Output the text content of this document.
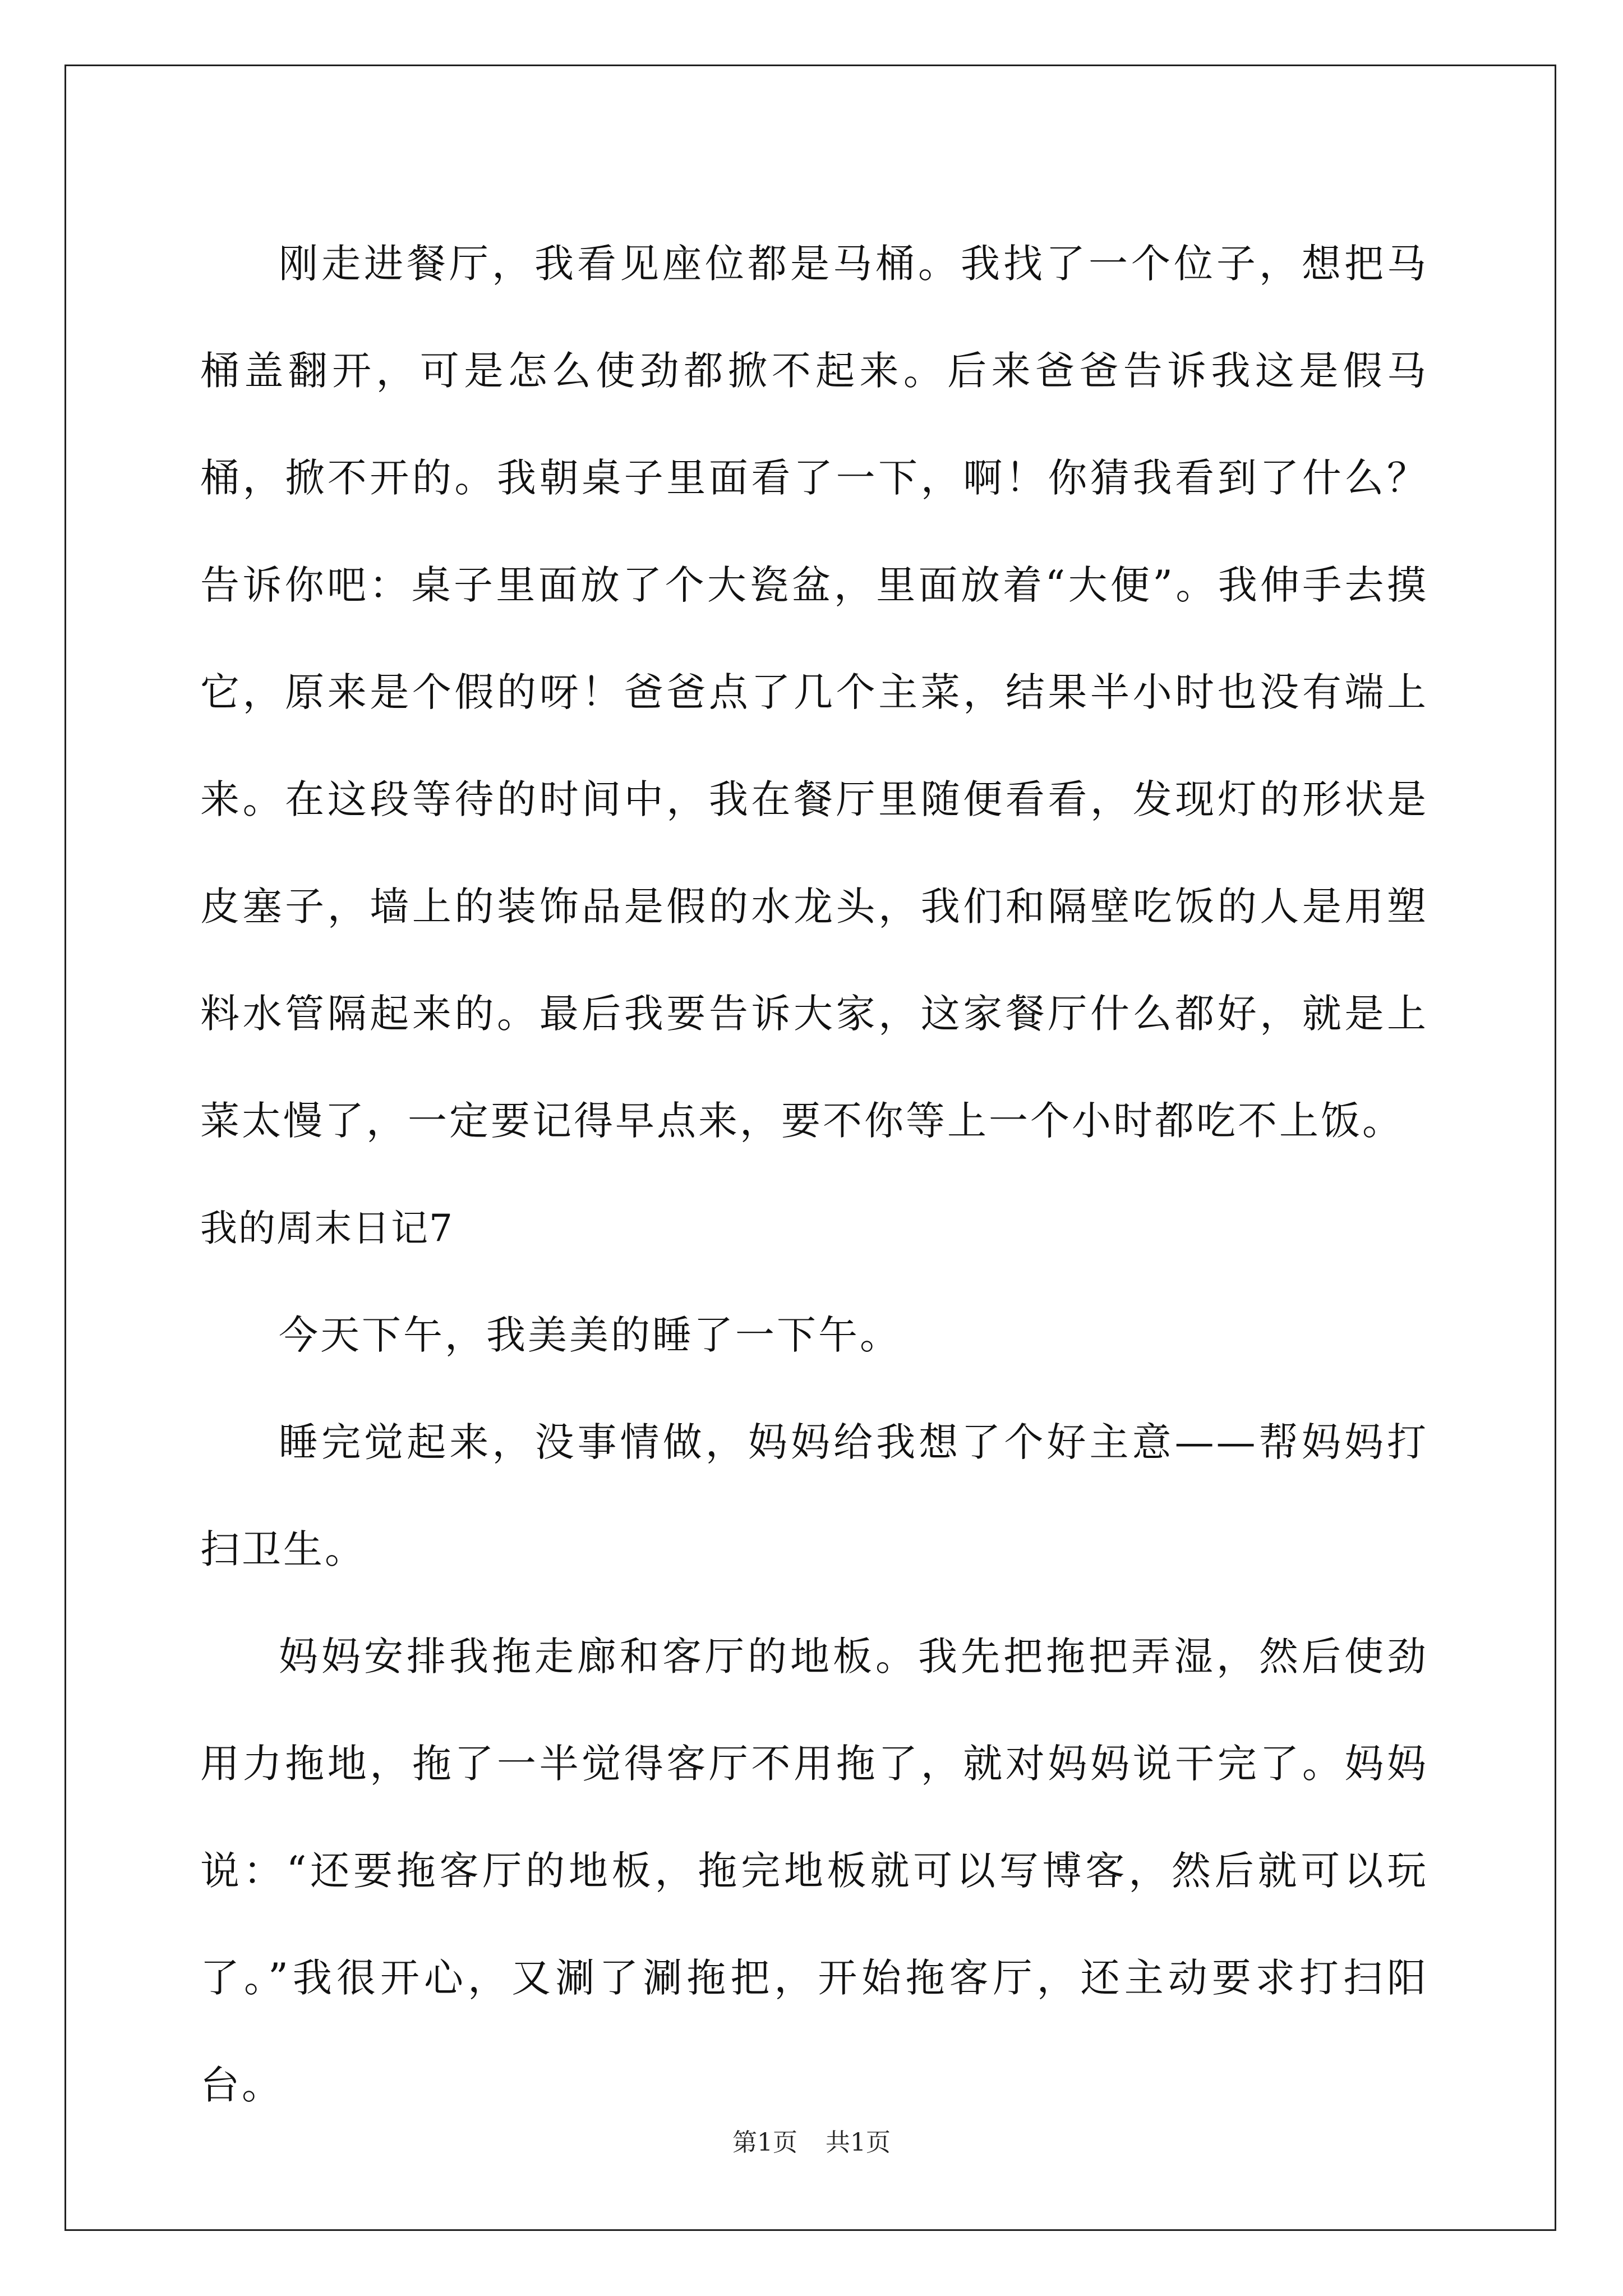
刚走进餐厅，我看见座位都是马桶。我找了一个位子，想把马桶盖翻开，可是怎么使劲都掀不起来。后来爸爸告诉我这是假马桶，掀不开的。我朝桌子里面看了一下，啊！你猜我看到了什么？告诉你吧：桌子里面放了个大瓷盆，里面放着“大便”。我伸手去摸它，原来是个假的呀！爸爸点了几个主菜，结果半小时也没有端上来。在这段等待的时间中，我在餐厅里随便看看，发现灯的形状是皮塞子，墙上的装饰品是假的水龙头，我们和隔壁吃饭的人是用塑料水管隔起来的。最后我要告诉大家，这家餐厅什么都好，就是上菜太慢了，一定要记得早点来，要不你等上一个小时都吃不上饭。

我的周末日记7

今天下午，我美美的睡了一下午。

睡完觉起来，没事情做，妈妈给我想了个好主意——帮妈妈打扫卫生。

妈妈安排我拖走廊和客厅的地板。我先把拖把弄湿，然后使劲用力拖地，拖了一半觉得客厅不用拖了，就对妈妈说干完了。妈妈说：“还要拖客厅的地板，拖完地板就可以写博客，然后就可以玩了。”我很开心，又涮了涮拖把，开始拖客厅，还主动要求打扫阳台。

第1页 共1页
